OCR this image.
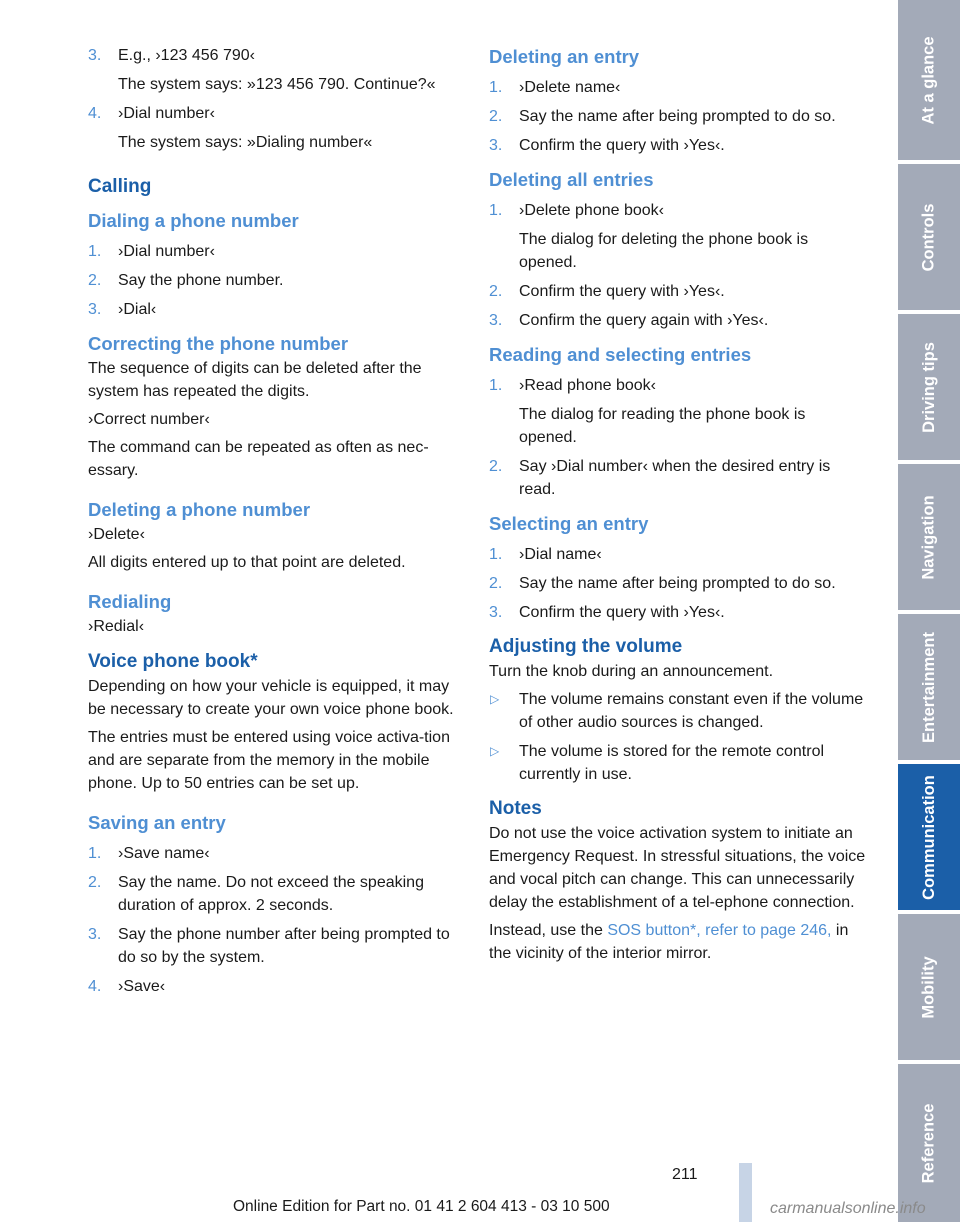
3. E.g., ›123 456 790‹
The system says: »123 456 790. Continue?«
4. ›Dial number‹
The system says: »Dialing number«
Calling
Dialing a phone number
1. ›Dial number‹
2. Say the phone number.
3. ›Dial‹
Correcting the phone number

The sequence of digits can be deleted after the system has repeated the digits.

›Correct number‹

The command can be repeated as often as nec‐essary.

Deleting a phone number

›Delete‹

All digits entered up to that point are deleted.

Redialing

›Redial‹

Voice phone book*

Depending on how your vehicle is equipped, it may be necessary to create your own voice phone book.

The entries must be entered using voice activa‐tion and are separate from the memory in the mobile phone. Up to 50 entries can be set up.

Saving an entry
1. ›Save name‹
2. Say the name. Do not exceed the speaking duration of approx. 2 seconds.
3. Say the phone number after being prompted to do so by the system.
4. ›Save‹
Deleting an entry
1. ›Delete name‹
2. Say the name after being prompted to do so.
3. Confirm the query with ›Yes‹.
Deleting all entries
1. ›Delete phone book‹
The dialog for deleting the phone book is opened.
2. Confirm the query with ›Yes‹.
3. Confirm the query again with ›Yes‹.
Reading and selecting entries
1. ›Read phone book‹
The dialog for reading the phone book is opened.
2. Say ›Dial number‹ when the desired entry is read.
Selecting an entry
1. ›Dial name‹
2. Say the name after being prompted to do so.
3. Confirm the query with ›Yes‹.
Adjusting the volume

Turn the knob during an announcement.

▷ The volume remains constant even if the volume of other audio sources is changed.
▷ The volume is stored for the remote control currently in use.
Notes

Do not use the voice activation system to initiate an Emergency Request. In stressful situations, the voice and vocal pitch can change. This can unnecessarily delay the establishment of a tel‐ephone connection.

Instead, use the SOS button*, refer to page 246, in the vicinity of the interior mirror.

At a glance
Controls
Driving tips
Navigation
Entertainment
Communication
Mobility
Reference
211
Online Edition for Part no. 01 41 2 604 413 - 03 10 500	carmanualsonline.info
